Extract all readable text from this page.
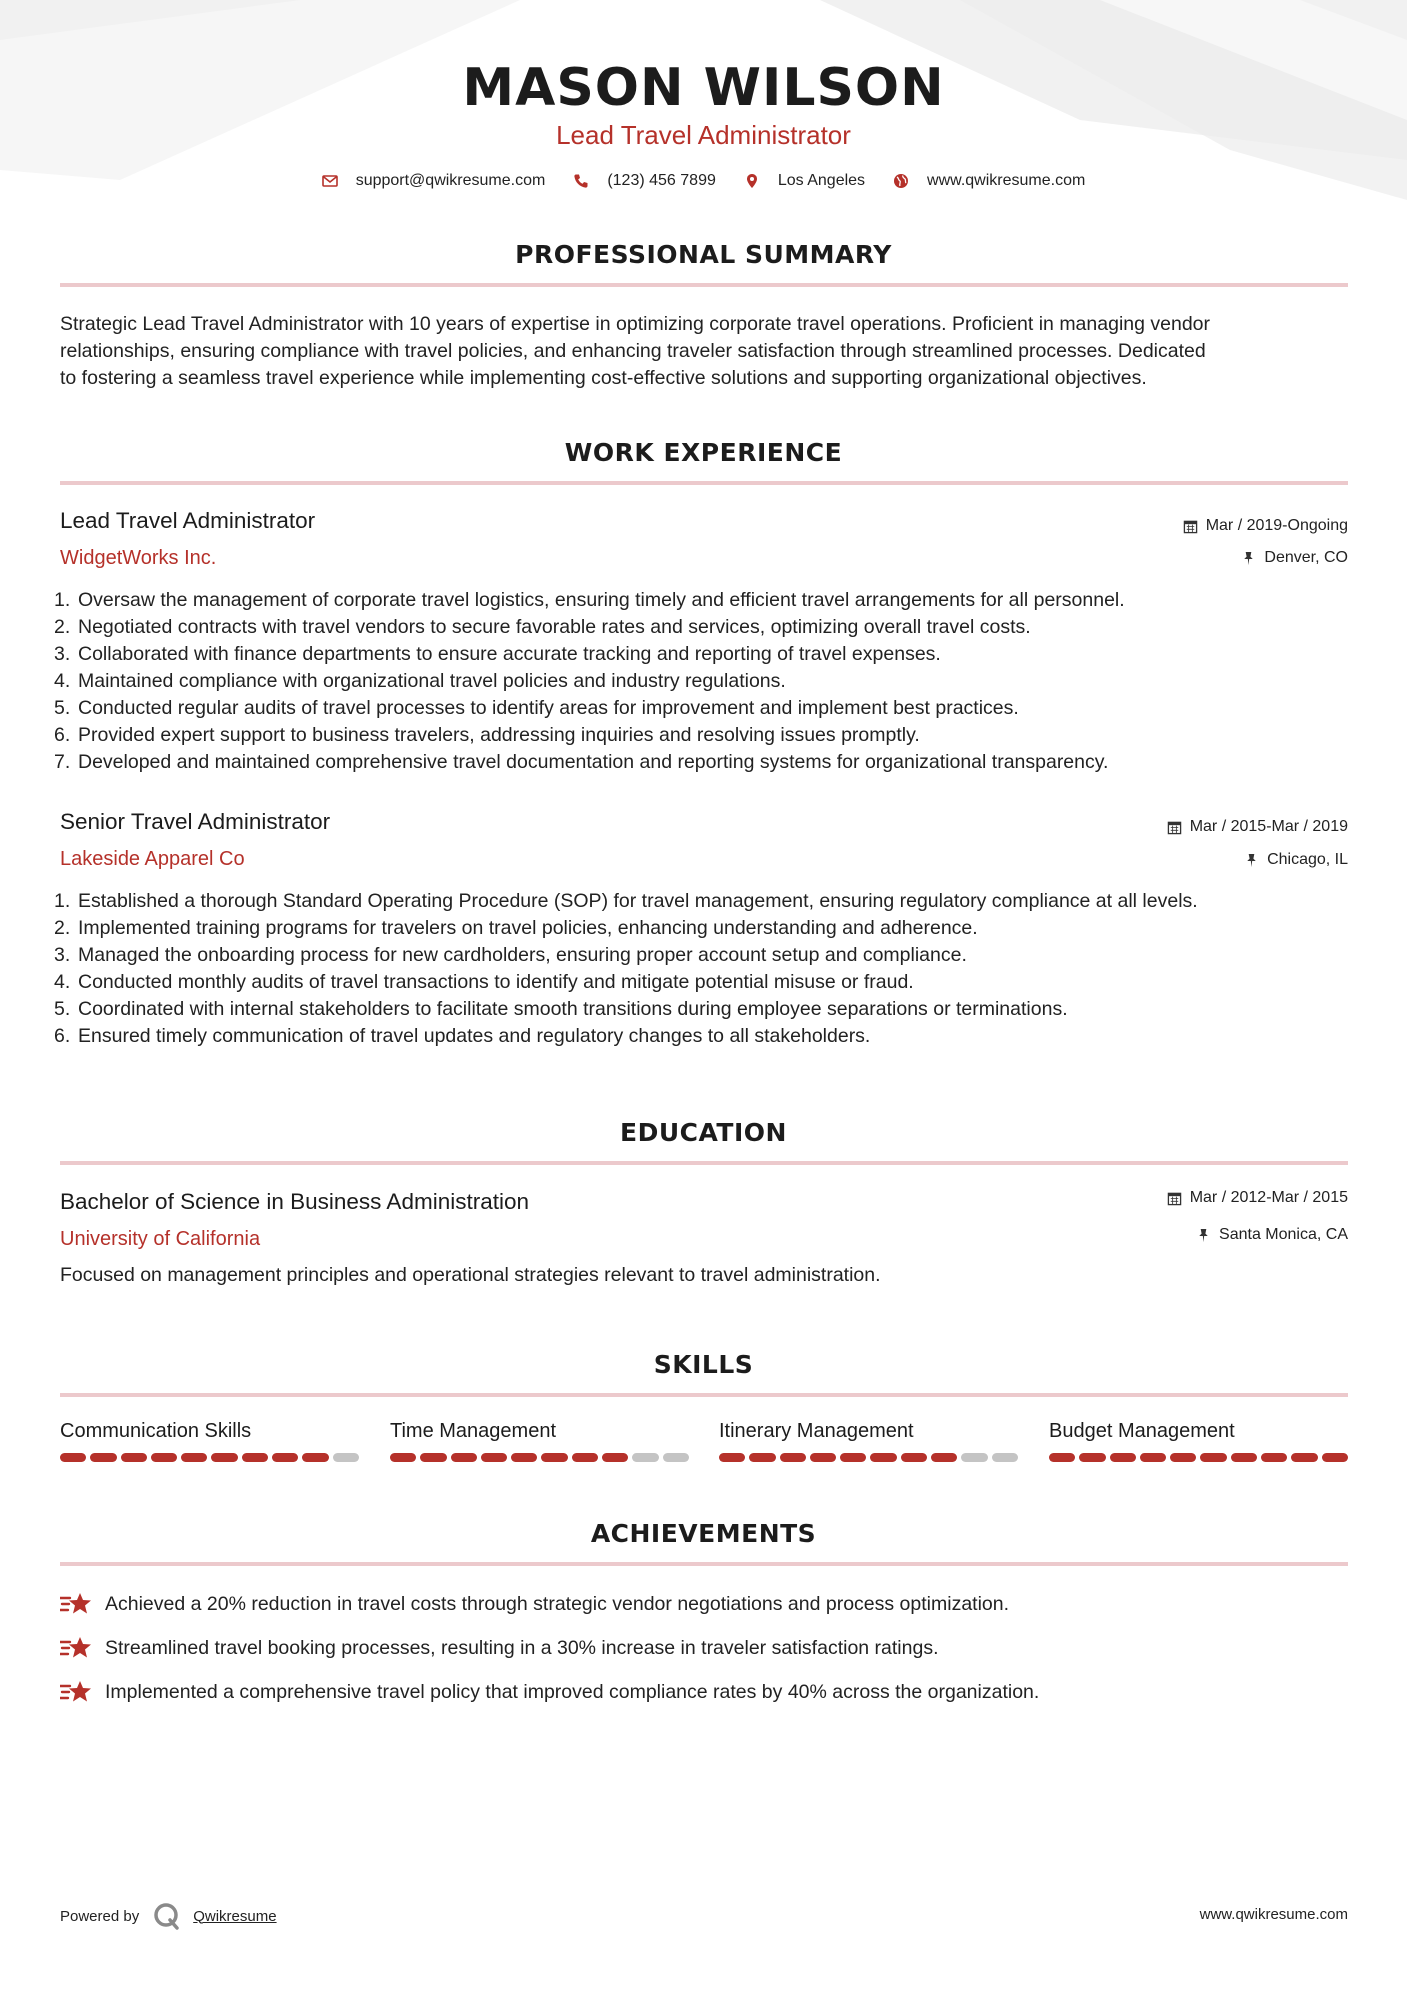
MASON WILSON
Lead Travel Administrator
support@qwikresume.com	(123) 456 7899	Los Angeles	www.qwikresume.com
PROFESSIONAL SUMMARY
Strategic Lead Travel Administrator with 10 years of expertise in optimizing corporate travel operations. Proficient in managing vendor
relationships, ensuring compliance with travel policies, and enhancing traveler satisfaction through streamlined processes. Dedicated
to fostering a seamless travel experience while implementing cost-effective solutions and supporting organizational objectives.
WORK EXPERIENCE
Lead Travel Administrator
WidgetWorks Inc.
Mar / 2019-Ongoing
Denver, CO
1. Oversaw the management of corporate travel logistics, ensuring timely and efficient travel arrangements for all personnel.
2. Negotiated contracts with travel vendors to secure favorable rates and services, optimizing overall travel costs.
3. Collaborated with finance departments to ensure accurate tracking and reporting of travel expenses.
4. Maintained compliance with organizational travel policies and industry regulations.
5. Conducted regular audits of travel processes to identify areas for improvement and implement best practices.
6. Provided expert support to business travelers, addressing inquiries and resolving issues promptly.
7. Developed and maintained comprehensive travel documentation and reporting systems for organizational transparency.
Senior Travel Administrator
Lakeside Apparel Co
Mar / 2015-Mar / 2019
Chicago, IL
1. Established a thorough Standard Operating Procedure (SOP) for travel management, ensuring regulatory compliance at all levels.
2. Implemented training programs for travelers on travel policies, enhancing understanding and adherence.
3. Managed the onboarding process for new cardholders, ensuring proper account setup and compliance.
4. Conducted monthly audits of travel transactions to identify and mitigate potential misuse or fraud.
5. Coordinated with internal stakeholders to facilitate smooth transitions during employee separations or terminations.
6. Ensured timely communication of travel updates and regulatory changes to all stakeholders.
EDUCATION
Bachelor of Science in Business Administration
University of California
Mar / 2012-Mar / 2015
Santa Monica, CA
Focused on management principles and operational strategies relevant to travel administration.
SKILLS
Communication Skills	Time Management	Itinerary Management	Budget Management
ACHIEVEMENTS
Achieved a 20% reduction in travel costs through strategic vendor negotiations and process optimization.
Streamlined travel booking processes, resulting in a 30% increase in traveler satisfaction ratings.
Implemented a comprehensive travel policy that improved compliance rates by 40% across the organization.
Powered by	Qwikresume	www.qwikresume.com
